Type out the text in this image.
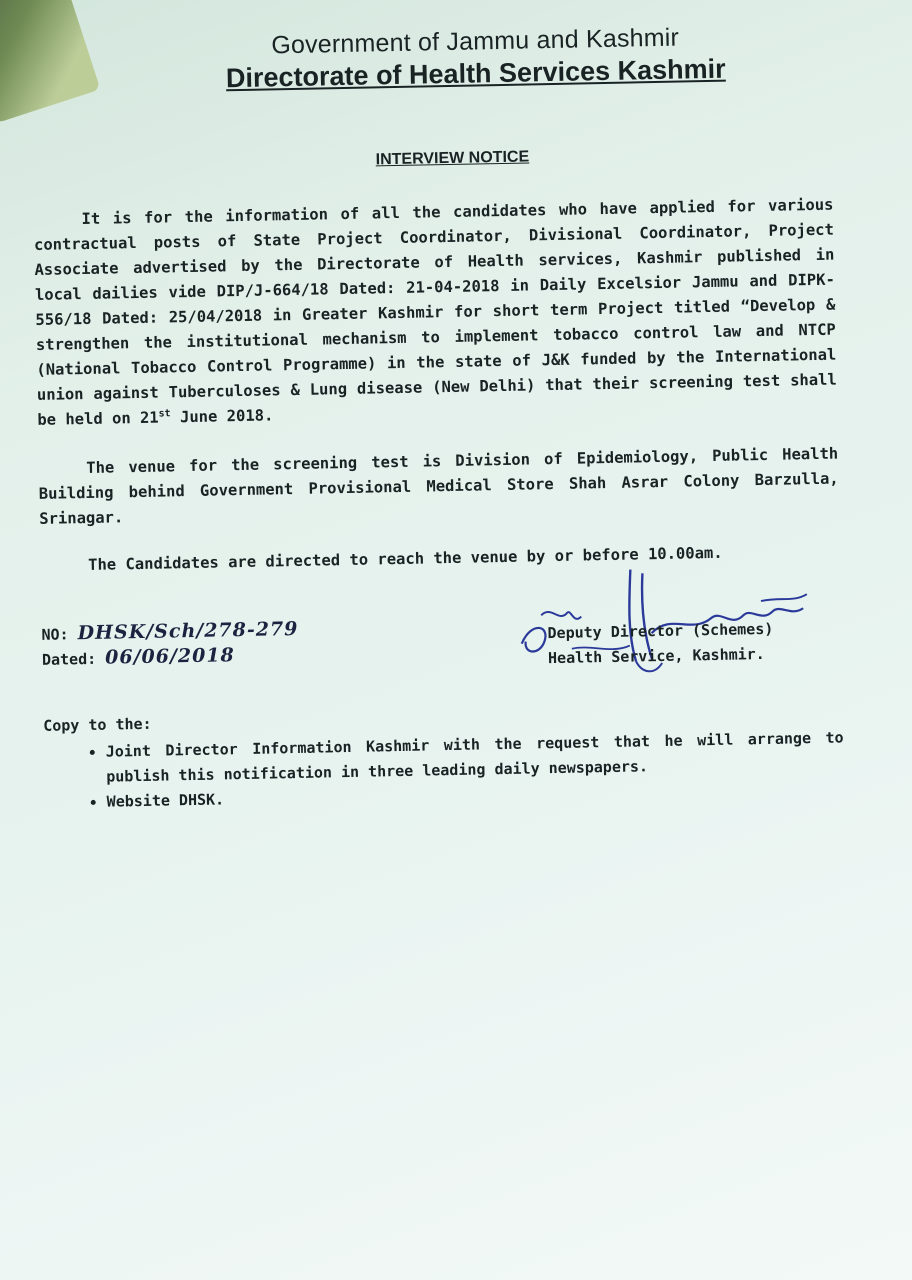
Government of Jammu and Kashmir
Directorate of Health Services Kashmir
INTERVIEW NOTICE

It is for the information of all the candidates who have applied for various contractual posts of State Project Coordinator, Divisional Coordinator, Project Associate advertised by the Directorate of Health services, Kashmir published in local dailies vide DIP/J-664/18 Dated: 21-04-2018 in Daily Excelsior Jammu and DIPK-556/18 Dated: 25/04/2018 in Greater Kashmir for short term Project titled “Develop & strengthen the institutional mechanism to implement tobacco control law and NTCP (National Tobacco Control Programme) in the state of J&K funded by the International union against Tuberculoses & Lung disease (New Delhi) that their screening test shall be held on 21st June 2018.

The venue for the screening test is Division of Epidemiology, Public Health Building behind Government Provisional Medical Store Shah Asrar Colony Barzulla, Srinagar.

The Candidates are directed to reach the venue by or before 10.00am.

NO: DHSK/Sch/278-279
Dated: 06/06/2018
Deputy Director (Schemes)
Health Service, Kashmir.
Copy to the:
• Joint Director Information Kashmir with the request that he will arrange to publish this notification in three leading daily newspapers.
• Website DHSK.
